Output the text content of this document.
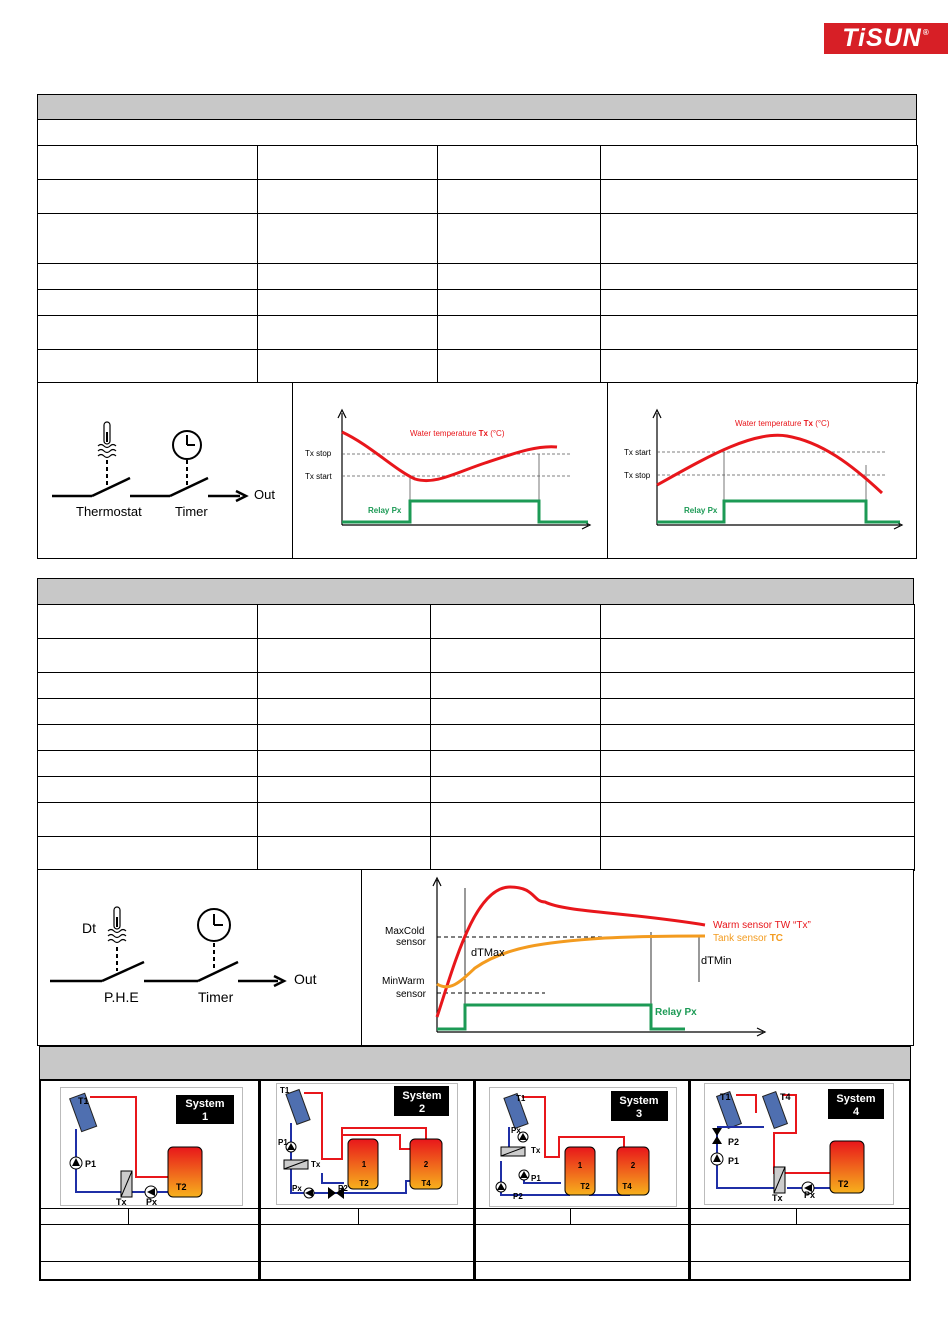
TiSUN®

Thermostat	Timer
Out
Water temperature Tx (°C)
Tx stop
Tx start
Relay Px
Water temperature Tx (°C)
Tx start
Tx stop
Relay Px

Dt
P.H.E	Timer
Out
MaxCold
sensor
MinWarm
sensor
dTMax
dTMin
Warm sensor TW “Tx”
Tank sensor TC
Relay Px
T2
T1
P1
Tx Px
System
1
T1
P1
Tx
Px	P2
1
T2
2
T4
System
2
T1
Px
Tx
P1
P2
1
T2
2
T4
System
3
T1	T4
P2
P1
Tx Px
T2
System
4
